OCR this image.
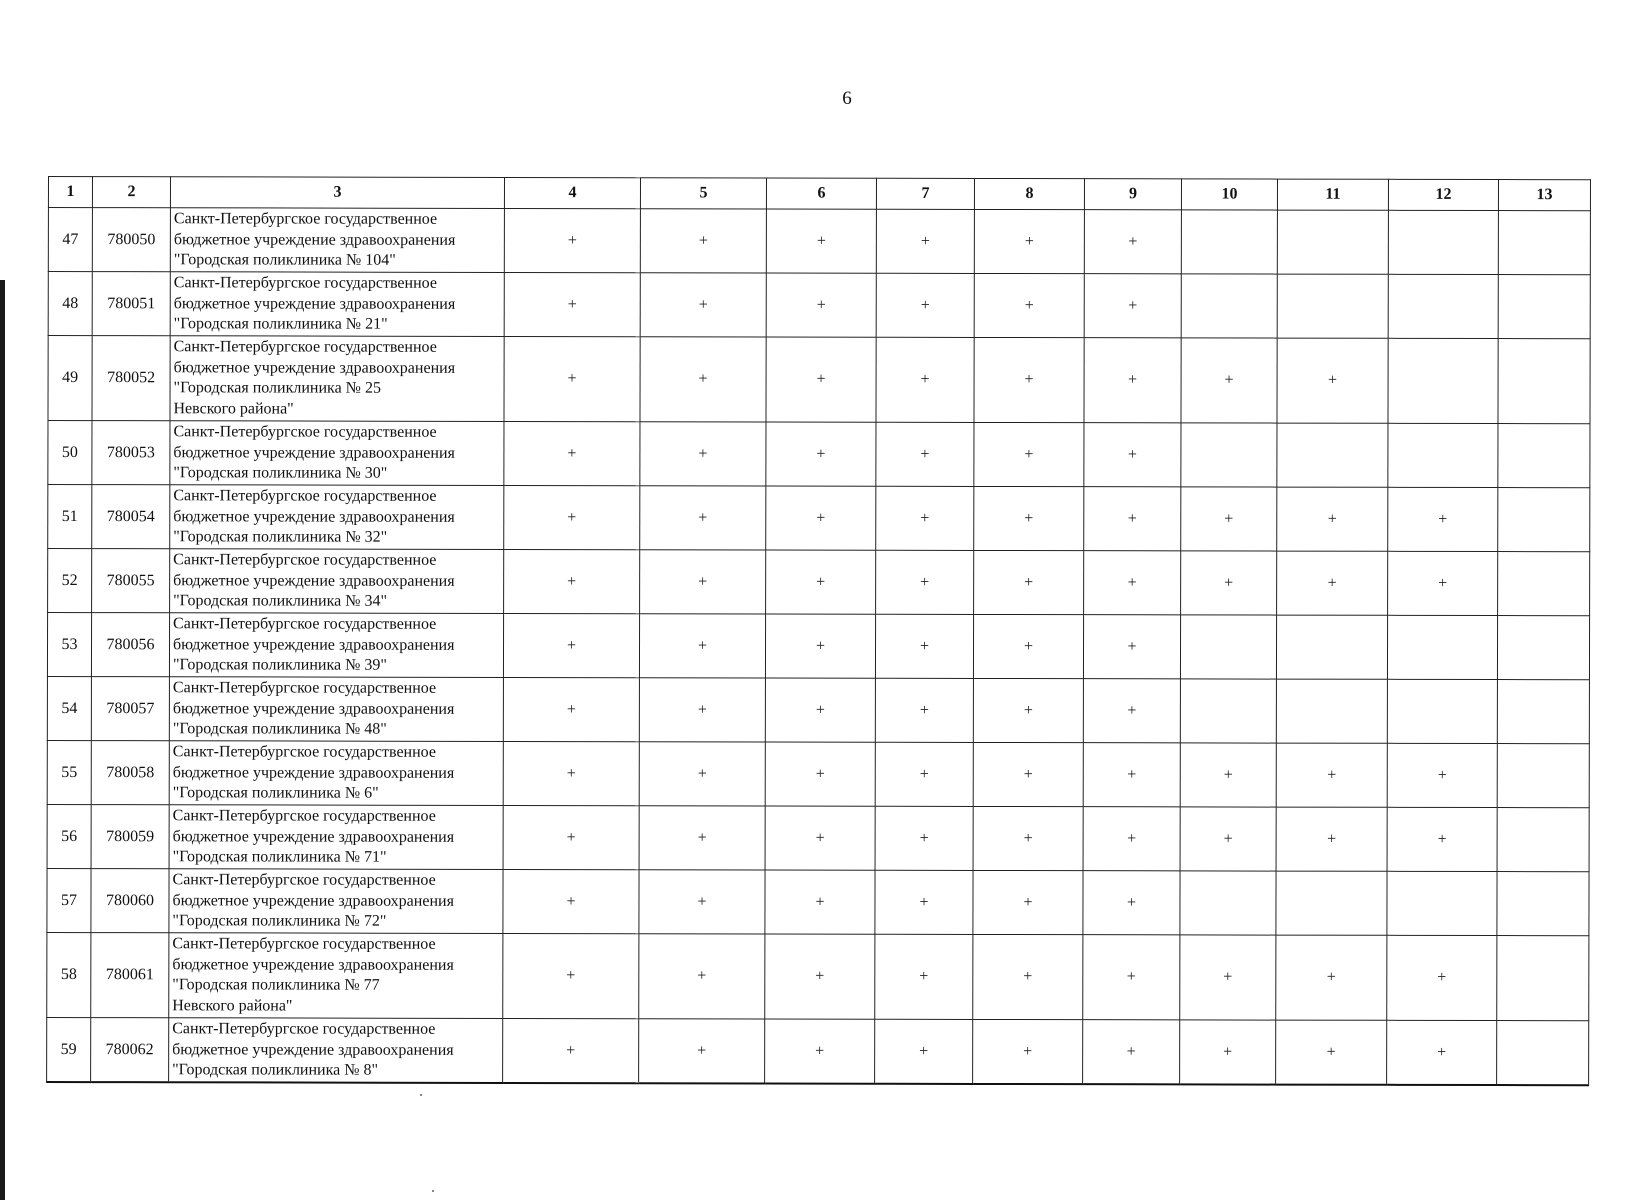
6
1	2	3	4	5	6	7	8	9	10	11	12	13
47	780050	Санкт-Петербургское государственное
бюджетное учреждение здравоохранения
"Городская поликлиника № 104"	+	+	+	+	+	+				
48	780051	Санкт-Петербургское государственное
бюджетное учреждение здравоохранения
"Городская поликлиника № 21"	+	+	+	+	+	+				
49	780052	Санкт-Петербургское государственное
бюджетное учреждение здравоохранения
"Городская поликлиника № 25
Невского района"	+	+	+	+	+	+	+	+		
50	780053	Санкт-Петербургское государственное
бюджетное учреждение здравоохранения
"Городская поликлиника № 30"	+	+	+	+	+	+				
51	780054	Санкт-Петербургское государственное
бюджетное учреждение здравоохранения
"Городская поликлиника № 32"	+	+	+	+	+	+	+	+	+	
52	780055	Санкт-Петербургское государственное
бюджетное учреждение здравоохранения
"Городская поликлиника № 34"	+	+	+	+	+	+	+	+	+	
53	780056	Санкт-Петербургское государственное
бюджетное учреждение здравоохранения
"Городская поликлиника № 39"	+	+	+	+	+	+				
54	780057	Санкт-Петербургское государственное
бюджетное учреждение здравоохранения
"Городская поликлиника № 48"	+	+	+	+	+	+				
55	780058	Санкт-Петербургское государственное
бюджетное учреждение здравоохранения
"Городская поликлиника № 6"	+	+	+	+	+	+	+	+	+	
56	780059	Санкт-Петербургское государственное
бюджетное учреждение здравоохранения
"Городская поликлиника № 71"	+	+	+	+	+	+	+	+	+	
57	780060	Санкт-Петербургское государственное
бюджетное учреждение здравоохранения
"Городская поликлиника № 72"	+	+	+	+	+	+				
58	780061	Санкт-Петербургское государственное
бюджетное учреждение здравоохранения
"Городская поликлиника № 77
Невского района"	+	+	+	+	+	+	+	+	+	
59	780062	Санкт-Петербургское государственное
бюджетное учреждение здравоохранения
"Городская поликлиника № 8"	+	+	+	+	+	+	+	+	+	
